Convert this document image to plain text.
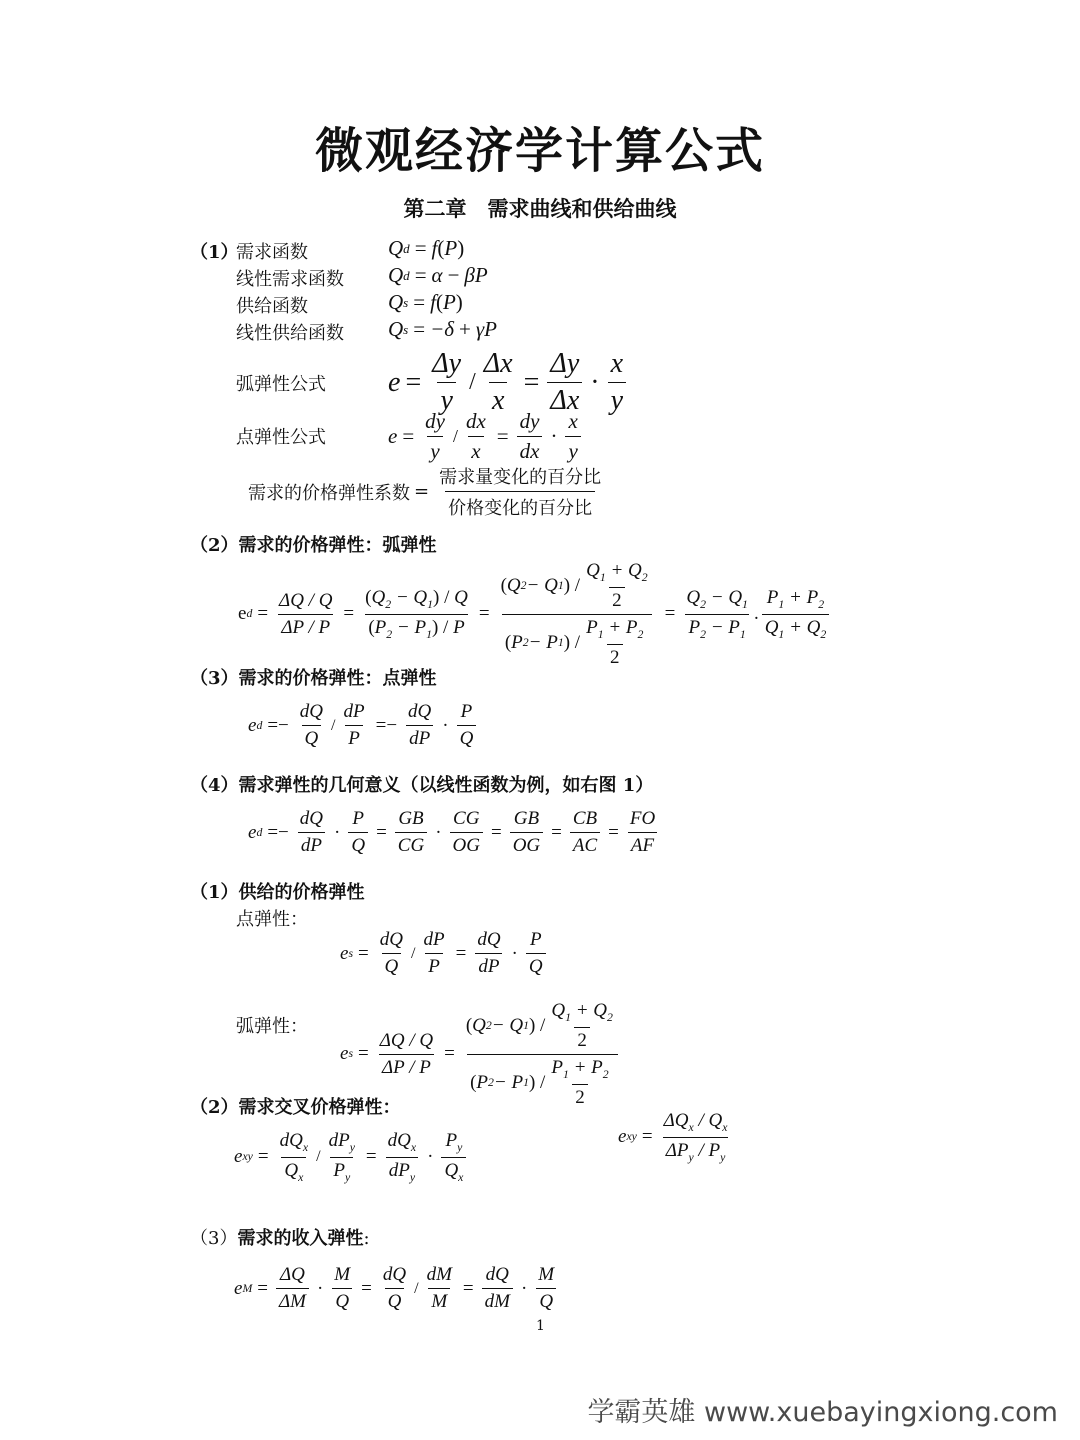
微观经济学计算公式
第二章　需求曲线和供给曲线
（1）
需求函数
线性需求函数
供给函数
线性供给函数
Q d = f ( P )
Q d = α − βP
Q s = f ( P )
Q s = −δ + γP
弧弹性公式 $e = \frac{\Delta y}{y} / \frac{\Delta x}{x} = \frac{\Delta y}{\Delta x} \cdot \frac{x}{y}$
点弹性公式	$e = \frac{dy}{y} / \frac{dx}{x} = \frac{dy}{dx} \cdot \frac{x}{y}$
需求的价格弹性系数 = $\frac{\text{需求量变化的百分比}}{\text{价格变化的百分比}}$
（2）需求的价格弹性：弧弹性
e $d = \frac{\Delta Q / Q}{\Delta P / P} = \frac{(Q_2 - Q_1) / Q}{(P_2 - P_1) / P} = \frac{( Q 2 - Q 1 ) / \frac{Q_1 + Q_2}{2}}{( P 2 - P 1 ) / \frac{P_1 + P_2}{2}} = \frac{Q_2 - Q_1}{P_2 - P_1}$ . $\frac{P_1 + P_2}{Q_1 + Q_2}$
（3）需求的价格弹性：点弹性
e $d =- \frac{dQ}{Q} / \frac{dP}{P} =- \frac{dQ}{dP} \cdot \frac{P}{Q}$
（4）需求弹性的几何意义（以线性函数为例，如右图 1）
e $d =- \frac{dQ}{dP} \cdot \frac{P}{Q} = \frac{GB}{CG} \cdot \frac{CG}{OG} = \frac{GB}{OG} = \frac{CB}{AC} = \frac{FO}{AF}$
（1）供给的价格弹性
点弹性：
e $s = \frac{dQ}{Q} / \frac{dP}{P} = \frac{dQ}{dP} \cdot \frac{P}{Q}$
弧弹性：
e $s = \frac{\Delta Q / Q}{\Delta P / P} = \frac{( Q 2 - Q 1 ) / \frac{Q_1 + Q_2}{2}}{( P 2 - P 1 ) / \frac{P_1 + P_2}{2}}$
（2）需求交叉价格弹性：
e xy = $\frac{dQ_x}{Q_x} / \frac{dP_y}{P_y} = \frac{dQ_x}{dP_y} \cdot \frac{P_y}{Q_x}$	e xy = $\frac{\Delta Q_x / Q_x}{\Delta P_y / P_y}$
（3）需求的收入弹性:
e $M = \frac{\Delta Q}{\Delta M} \cdot \frac{M}{Q} = \frac{dQ}{Q} / \frac{dM}{M} = \frac{dQ}{dM} \cdot \frac{M}{Q}$
1
学霸英雄 www.xuebayingxiong.com
